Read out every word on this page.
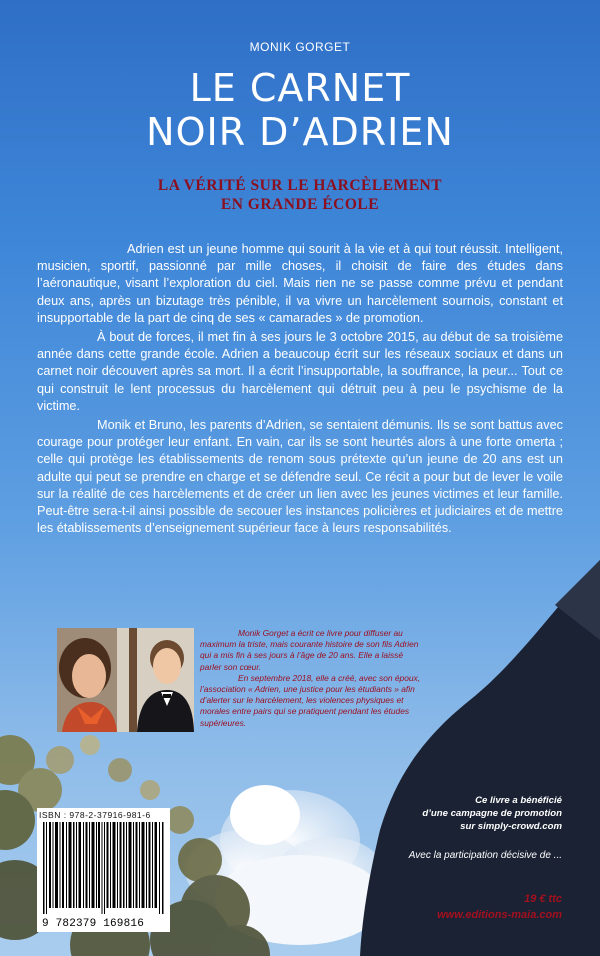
MONIK GORGET
LE CARNET
NOIR D’ADRIEN
LA VÉRITÉ SUR LE HARCÈLEMENT
EN GRANDE ÉCOLE

Adrien est un jeune homme qui sourit à la vie et à qui tout réussit. Intelligent, musicien, sportif, passionné par mille choses, il choisit de faire des études dans l’aéronautique, visant l’exploration du ciel. Mais rien ne se passe comme prévu et pendant deux ans, après un bizutage très pénible, il va vivre un harcèlement sournois, constant et insupportable de la part de cinq de ses « camarades » de promotion.

À bout de forces, il met fin à ses jours le 3 octobre 2015, au début de sa troisième année dans cette grande école. Adrien a beaucoup écrit sur les réseaux sociaux et dans un carnet noir découvert après sa mort. Il a écrit l’insupportable, la souffrance, la peur... Tout ce qui construit le lent processus du harcèlement qui détruit peu à peu le psychisme de la victime.

Monik et Bruno, les parents d’Adrien, se sentaient démunis. Ils se sont battus avec courage pour protéger leur enfant. En vain, car ils se sont heurtés alors à une forte omerta ; celle qui protège les établissements de renom sous prétexte qu’un jeune de 20 ans est un adulte qui peut se prendre en charge et se défendre seul. Ce récit a pour but de lever le voile sur la réalité de ces harcèlements et de créer un lien avec les jeunes victimes et leur famille. Peut-être sera-t-il ainsi possible de secouer les instances policières et judiciaires et de mettre les établissements d’enseignement supérieur face à leurs responsabilités.

Monik Gorget a écrit ce livre pour diffuser au maximum la triste, mais courante histoire de son fils Adrien qui a mis fin à ses jours à l’âge de 20 ans. Elle a laissé parler son cœur.

En septembre 2018, elle a créé, avec son époux, l’association « Adrien, une justice pour les étudiants » afin d’alerter sur le harcèlement, les violences physiques et morales entre pairs qui se pratiquent pendant les études supérieures.

ISBN : 978-2-37916-981-6
9 782379 169816
Ce livre a bénéficié
d’une campagne de promotion
sur simply-crowd.com
Avec la participation décisive de ...
19 € ttc
www.editions-maia.com
